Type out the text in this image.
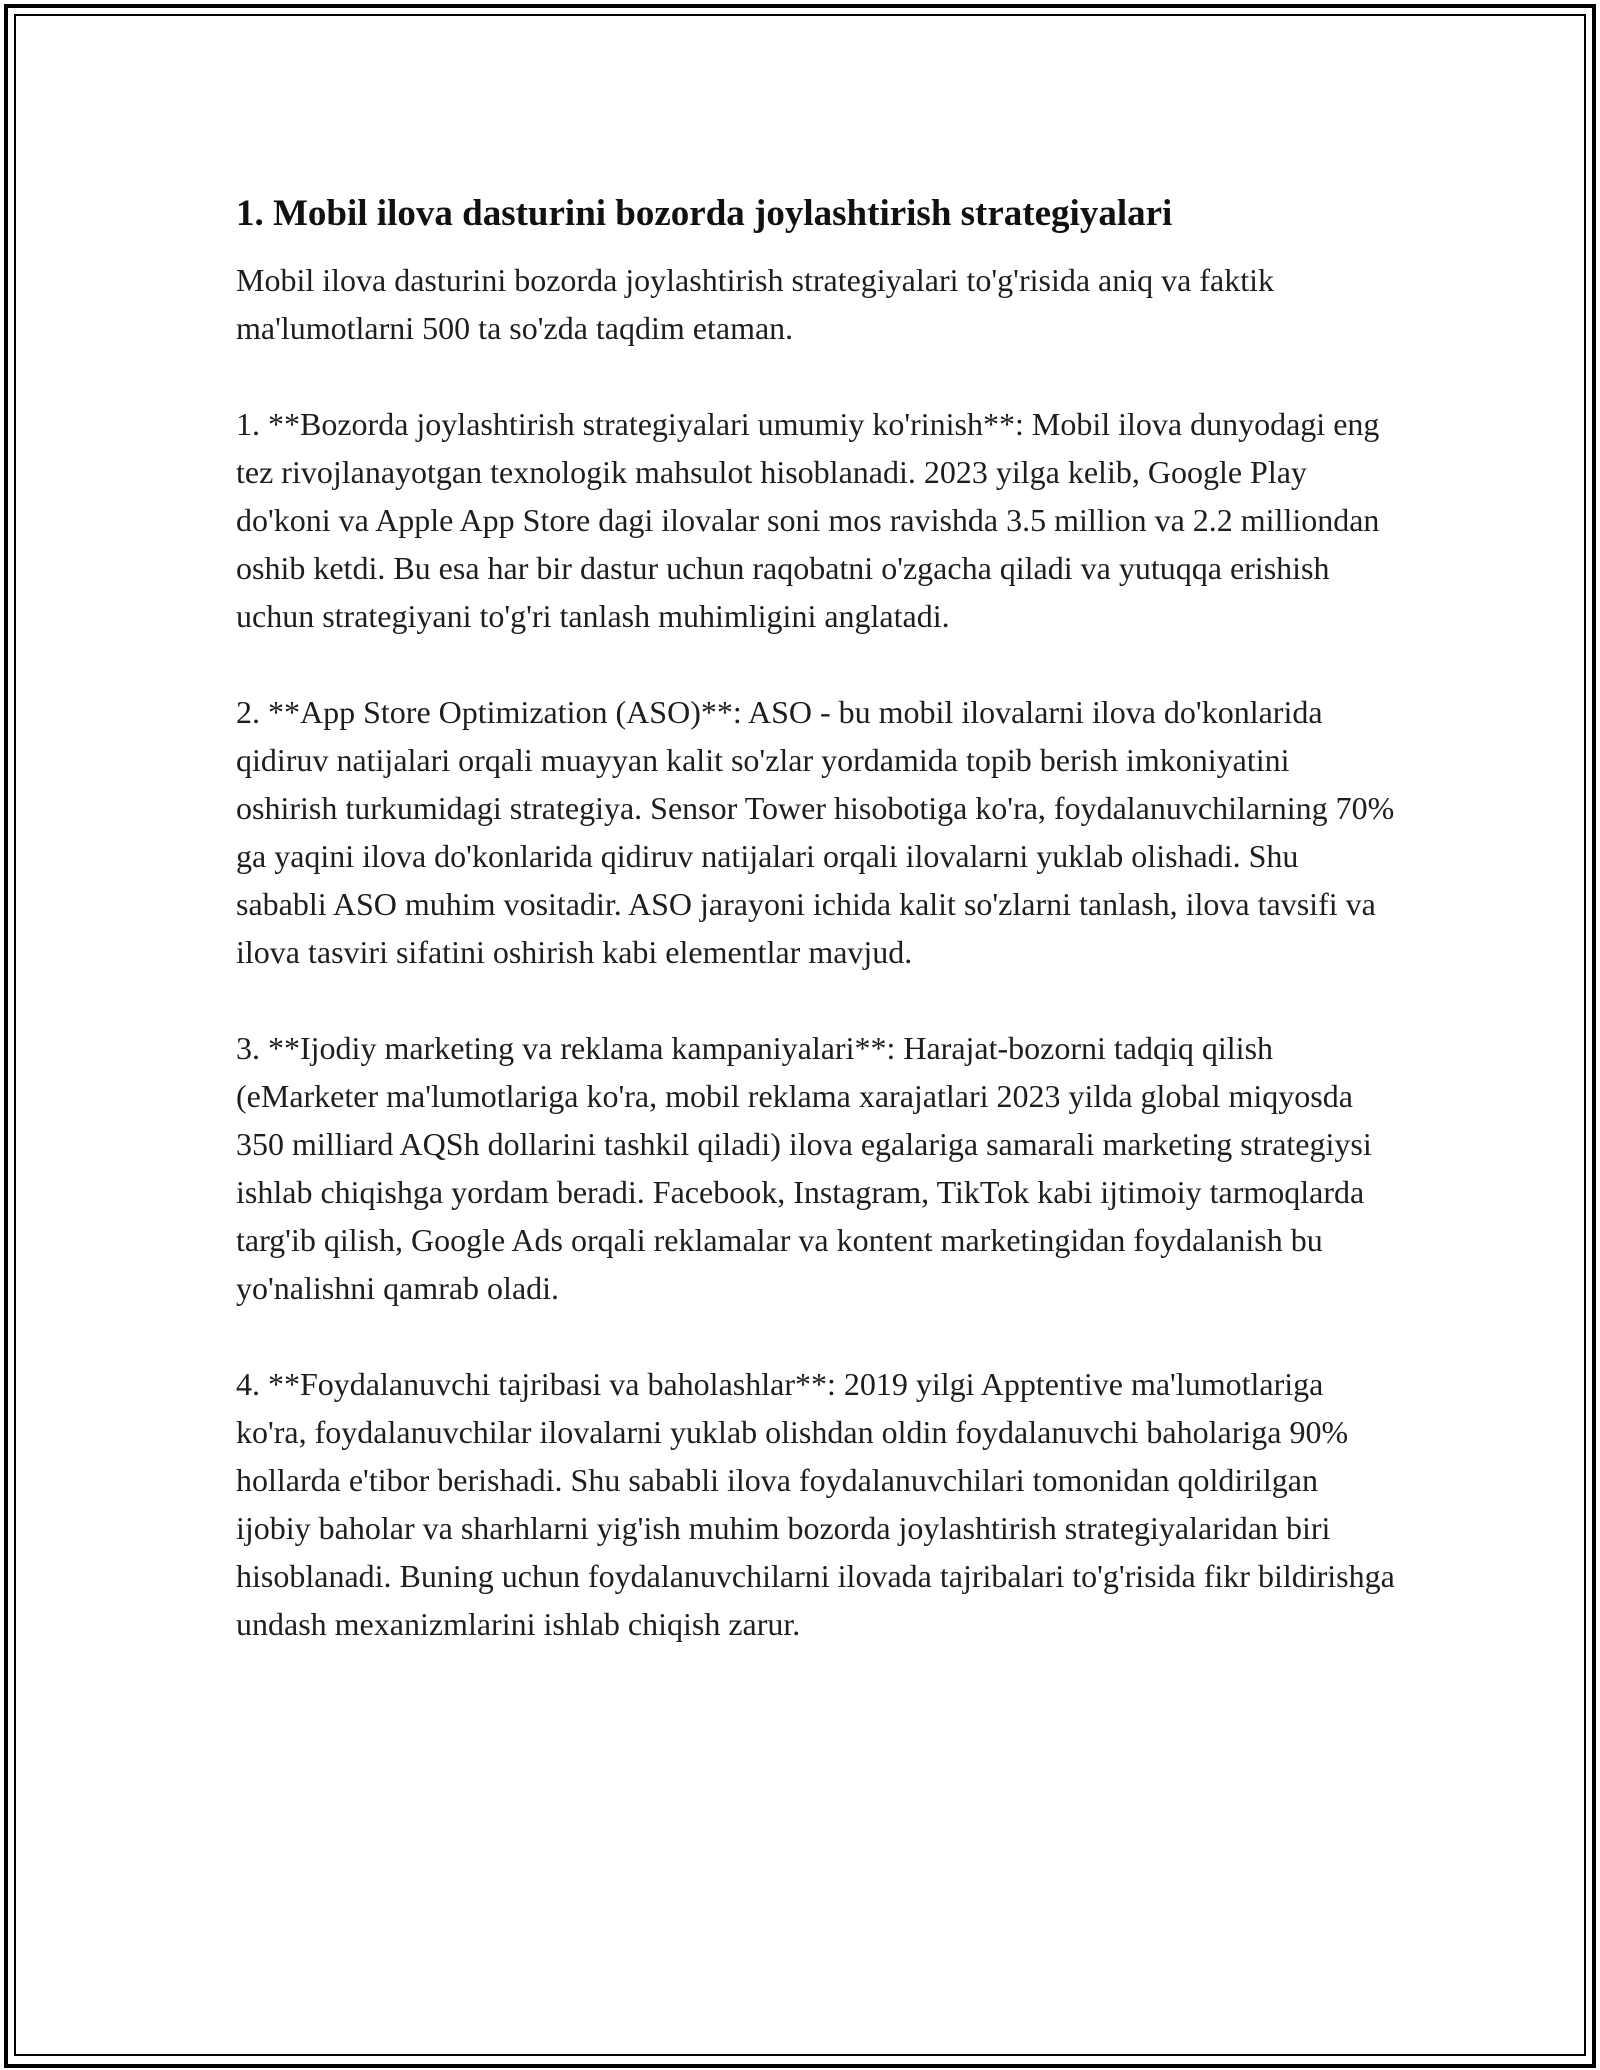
1. Mobil ilova dasturini bozorda joylashtirish strategiyalari

Mobil ilova dasturini bozorda joylashtirish strategiyalari to'g'risida aniq va faktik ma'lumotlarni 500 ta so'zda taqdim etaman.

1. **Bozorda joylashtirish strategiyalari umumiy ko'rinish**: Mobil ilova dunyodagi eng tez rivojlanayotgan texnologik mahsulot hisoblanadi. 2023 yilga kelib, Google Play do'koni va Apple App Store dagi ilovalar soni mos ravishda 3.5 million va 2.2 milliondan oshib ketdi. Bu esa har bir dastur uchun raqobatni o'zgacha qiladi va yutuqqa erishish uchun strategiyani to'g'ri tanlash muhimligini anglatadi.

2. **App Store Optimization (ASO)**: ASO - bu mobil ilovalarni ilova do'konlarida qidiruv natijalari orqali muayyan kalit so'zlar yordamida topib berish imkoniyatini oshirish turkumidagi strategiya. Sensor Tower hisobotiga ko'ra, foydalanuvchilarning 70% ga yaqini ilova do'konlarida qidiruv natijalari orqali ilovalarni yuklab olishadi. Shu sababli ASO muhim vositadir. ASO jarayoni ichida kalit so'zlarni tanlash, ilova tavsifi va ilova tasviri sifatini oshirish kabi elementlar mavjud.

3. **Ijodiy marketing va reklama kampaniyalari**: Harajat-bozorni tadqiq qilish (eMarketer ma'lumotlariga ko'ra, mobil reklama xarajatlari 2023 yilda global miqyosda 350 milliard AQSh dollarini tashkil qiladi) ilova egalariga samarali marketing strategiysi ishlab chiqishga yordam beradi. Facebook, Instagram, TikTok kabi ijtimoiy tarmoqlarda targ'ib qilish, Google Ads orqali reklamalar va kontent marketingidan foydalanish bu yo'nalishni qamrab oladi.

4. **Foydalanuvchi tajribasi va baholashlar**: 2019 yilgi Apptentive ma'lumotlariga ko'ra, foydalanuvchilar ilovalarni yuklab olishdan oldin foydalanuvchi baholariga 90% hollarda e'tibor berishadi. Shu sababli ilova foydalanuvchilari tomonidan qoldirilgan ijobiy baholar va sharhlarni yig'ish muhim bozorda joylashtirish strategiyalaridan biri hisoblanadi. Buning uchun foydalanuvchilarni ilovada tajribalari to'g'risida fikr bildirishga undash mexanizmlarini ishlab chiqish zarur.
